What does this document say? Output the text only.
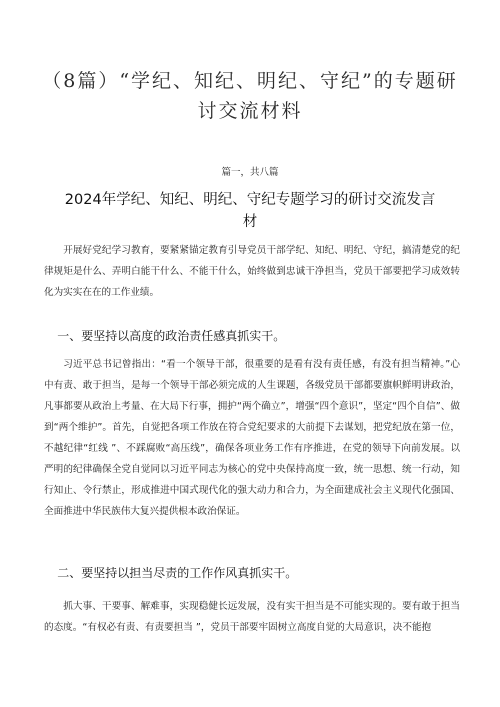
（8篇）“学纪、知纪、明纪、守纪”的专题研讨交流材料

篇一，共八篇

2024年学纪、知纪、明纪、守纪专题学习的研讨交流发言材

开展好党纪学习教育，要紧紧锚定教育引导党员干部学纪、知纪、明纪、守纪，搞清楚党的纪律规矩是什么、弄明白能干什么、不能干什么，始终做到忠诚干净担当，党员干部要把学习成效转化为实实在在的工作业绩。

一、要坚持以高度的政治责任感真抓实干。

习近平总书记曾指出：“看一个领导干部，很重要的是看有没有责任感，有没有担当精神。”心中有责、敢于担当，是每一个领导干部必须完成的人生课题，各级党员干部都要旗帜鲜明讲政治，凡事都要从政治上考量、在大局下行事，拥护“两个确立”，增强“四个意识”，坚定“四个自信”、做到“两个维护”。首先，自觉把各项工作放在符合党纪要求的大前提下去谋划，把党纪放在第一位，不越纪律“红线 ”、不踩腐败“高压线”，确保各项业务工作有序推进，在党的领导下向前发展。以严明的纪律确保全党自觉同以习近平同志为核心的党中央保持高度一致，统一思想、统一行动，知行知止、令行禁止，形成推进中国式现代化的强大动力和合力，为全面建成社会主义现代化强国、全面推进中华民族伟大复兴提供根本政治保证。

二、要坚持以担当尽责的工作作风真抓实干。

抓大事、干要事、解难事，实现稳健长远发展，没有实干担当是不可能实现的。要有敢于担当的态度。“有权必有责、有责要担当 ”，党员干部要牢固树立高度自觉的大局意识，决不能抱
